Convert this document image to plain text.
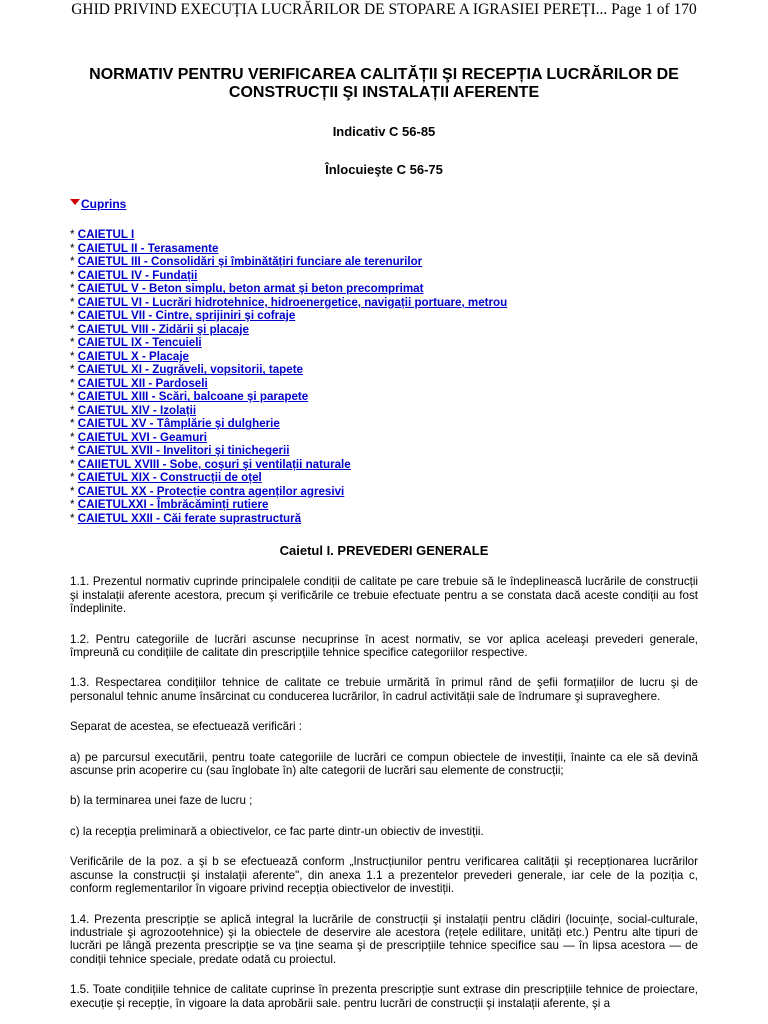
GHID PRIVIND EXECUȚIA LUCRĂRILOR DE STOPARE A IGRASIEI PEREȚI... Page 1 of 170
NORMATIV PENTRU VERIFICAREA CALITĂȚII ŞI RECEPȚIA LUCRĂRILOR DE CONSTRUCȚII ŞI INSTALAȚII AFERENTE
Indicativ C 56-85
Înlocuieşte C 56-75
Cuprins
* CAIETUL I
* CAIETUL II - Terasamente
* CAIETUL III - Consolidări şi îmbinătățiri funciare ale terenurilor
* CAIETUL IV - Fundații
* CAIETUL V - Beton simplu, beton armat şi beton precomprimat
* CAIETUL VI - Lucrări hidrotehnice, hidroenergetice, navigații portuare, metrou
* CAIETUL VII - Cintre, sprijiniri şi cofraje
* CAIETUL VIII - Zidării şi placaje
* CAIETUL IX - Tencuieli
* CAIETUL X - Placaje
* CAIETUL XI - Zugrăveli, vopsitorii, tapete
* CAIETUL XII - Pardoseli
* CAIETUL XIII - Scări, balcoane şi parapete
* CAIETUL XIV - Izolații
* CAIETUL XV - Tâmplărie şi dulgherie
* CAIETUL XVI - Geamuri
* CAIETUL XVII - Invelitori şi tinichegerii
* CAIIETUL XVIII - Sobe, coşuri şi ventilații naturale
* CAIETUL XIX - Construcții de oțel
* CAIETUL XX - Protecție contra agenților agresivi
* CAIETULXXI - Îmbrăcăminți rutiere
* CAIETUL XXII - Căi ferate suprastructură
Caietul I. PREVEDERI GENERALE

1.1. Prezentul normativ cuprinde principalele condiții de calitate pe care trebuie să le îndeplinească lucrările de construcții şi instalații aferente acestora, precum şi verificările ce trebuie efectuate pentru a se constata dacă aceste condiții au fost îndeplinite.

1.2. Pentru categoriile de lucrări ascunse necuprinse în acest normativ, se vor aplica aceleaşi prevederi generale, împreună cu condițiile de calitate din prescripțiile tehnice specifice categoriilor respective.

1.3. Respectarea condițiilor tehnice de calitate ce trebuie urmărită în primul rând de şefii formațiilor de lucru şi de personalul tehnic anume însărcinat cu conducerea lucrărilor, în cadrul activității sale de îndrumare şi supraveghere.

Separat de acestea, se efectuează verificări :

a) pe parcursul executării, pentru toate categoriile de lucrări ce compun obiectele de investiții, înainte ca ele să devină ascunse prin acoperire cu (sau înglobate în) alte categorii de lucrări sau elemente de construcții;

b) la terminarea unei faze de lucru ;

c) la recepția preliminară a obiectivelor, ce fac parte dintr-un obiectiv de investiții.

Verificările de la poz. a şi b se efectuează conform „Instrucțiunilor pentru verificarea calității şi recepționarea lucrărilor ascunse la construcții şi instalații aferente", din anexa 1.1 a prezentelor prevederi generale, iar cele de la poziția c, conform reglementarilor în vigoare privind recepția obiectivelor de investiții.

1.4. Prezenta prescripție se aplică integral la lucrările de construcții şi instalații pentru clădiri (locuințe, social-culturale, industriale şi agrozootehnice) şi la obiectele de deservire ale acestora (rețele edilitare, unități etc.) Pentru alte tipuri de lucrări pe lângă prezenta prescripție se va ține seama şi de prescripțiile tehnice specifice sau — în lipsa acestora — de condiții tehnice speciale, predate odată cu proiectul.

1.5. Toate condițiile tehnice de calitate cuprinse în prezenta prescripție sunt extrase din prescripțiile tehnice de proiectare, execuție şi recepție, în vigoare la data aprobării sale. pentru lucrări de construcții şi instalații aferente, şi a
